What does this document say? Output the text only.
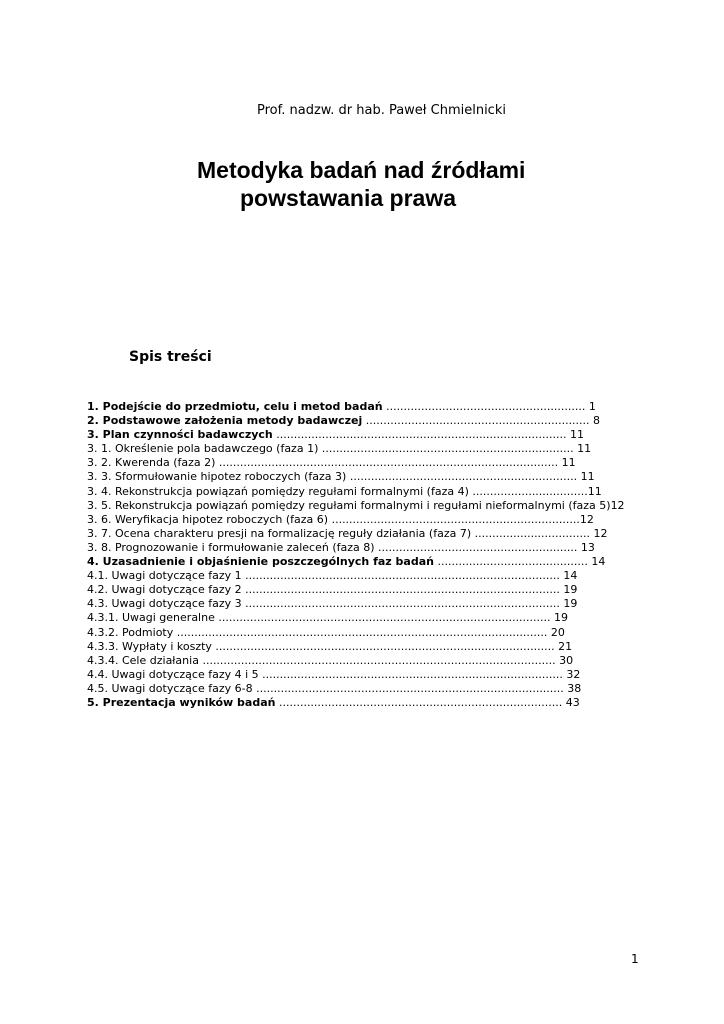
Prof. nadzw. dr hab. Paweł Chmielnicki
Metodyka badań nad źródłami
powstawania prawa
Spis treści
1. Podejście do przedmiotu, celu i metod badań ......................................................... 1
2. Podstawowe założenia metody badawczej ................................................................ 8
3. Plan czynności badawczych ................................................................................... 11
3. 1. Określenie pola badawczego (faza 1) ........................................................................ 11
3. 2. Kwerenda (faza 2) ................................................................................................. 11
3. 3. Sformułowanie hipotez roboczych (faza 3) ................................................................. 11
3. 4. Rekonstrukcja powiązań pomiędzy regułami formalnymi (faza 4) .................................11
3. 5. Rekonstrukcja powiązań pomiędzy regułami formalnymi i regułami nieformalnymi (faza 5)12
3. 6. Weryfikacja hipotez roboczych (faza 6) .......................................................................12
3. 7. Ocena charakteru presji na formalizację reguły działania (faza 7) ................................. 12
3. 8. Prognozowanie i formułowanie zaleceń (faza 8) ......................................................... 13
4. Uzasadnienie i objaśnienie poszczególnych faz badań ........................................... 14
4.1. Uwagi dotyczące fazy 1 .......................................................................................... 14
4.2. Uwagi dotyczące fazy 2 .......................................................................................... 19
4.3. Uwagi dotyczące fazy 3 .......................................................................................... 19
4.3.1. Uwagi generalne ............................................................................................... 19
4.3.2. Podmioty .......................................................................................................... 20
4.3.3. Wypłaty i koszty ................................................................................................. 21
4.3.4. Cele działania ..................................................................................................... 30
4.4. Uwagi dotyczące fazy 4 i 5 ...................................................................................... 32
4.5. Uwagi dotyczące fazy 6-8 ........................................................................................ 38
5. Prezentacja wyników badań ................................................................................. 43
1
